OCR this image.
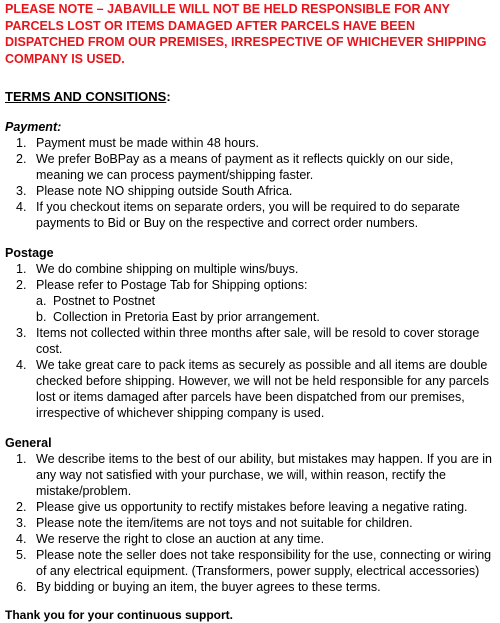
PLEASE NOTE – JABAVILLE WILL NOT BE HELD RESPONSIBLE FOR ANY PARCELS LOST OR ITEMS DAMAGED AFTER PARCELS HAVE BEEN DISPATCHED FROM OUR PREMISES, IRRESPECTIVE OF WHICHEVER SHIPPING COMPANY IS USED.

TERMS AND CONSITIONS:

Payment:

1. Payment must be made within 48 hours.
2. We prefer BoBPay as a means of payment as it reflects quickly on our side, meaning we can process payment/shipping faster.
3. Please note NO shipping outside South Africa.
4. If you checkout items on separate orders, you will be required to do separate payments to Bid or Buy on the respective and correct order numbers.

Postage

1. We do combine shipping on multiple wins/buys.
2. Please refer to Postage Tab for Shipping options:
a. Postnet to Postnet
b. Collection in Pretoria East by prior arrangement.
3. Items not collected within three months after sale, will be resold to cover storage cost.
4. We take great care to pack items as securely as possible and all items are double checked before shipping. However, we will not be held responsible for any parcels lost or items damaged after parcels have been dispatched from our premises, irrespective of whichever shipping company is used.

General

1. We describe items to the best of our ability, but mistakes may happen. If you are in any way not satisfied with your purchase, we will, within reason, rectify the mistake/problem.
2. Please give us opportunity to rectify mistakes before leaving a negative rating.
3. Please note the item/items are not toys and not suitable for children.
4. We reserve the right to close an auction at any time.
5. Please note the seller does not take responsibility for the use, connecting or wiring of any electrical equipment. (Transformers, power supply, electrical accessories)
6. By bidding or buying an item, the buyer agrees to these terms.

Thank you for your continuous support.
